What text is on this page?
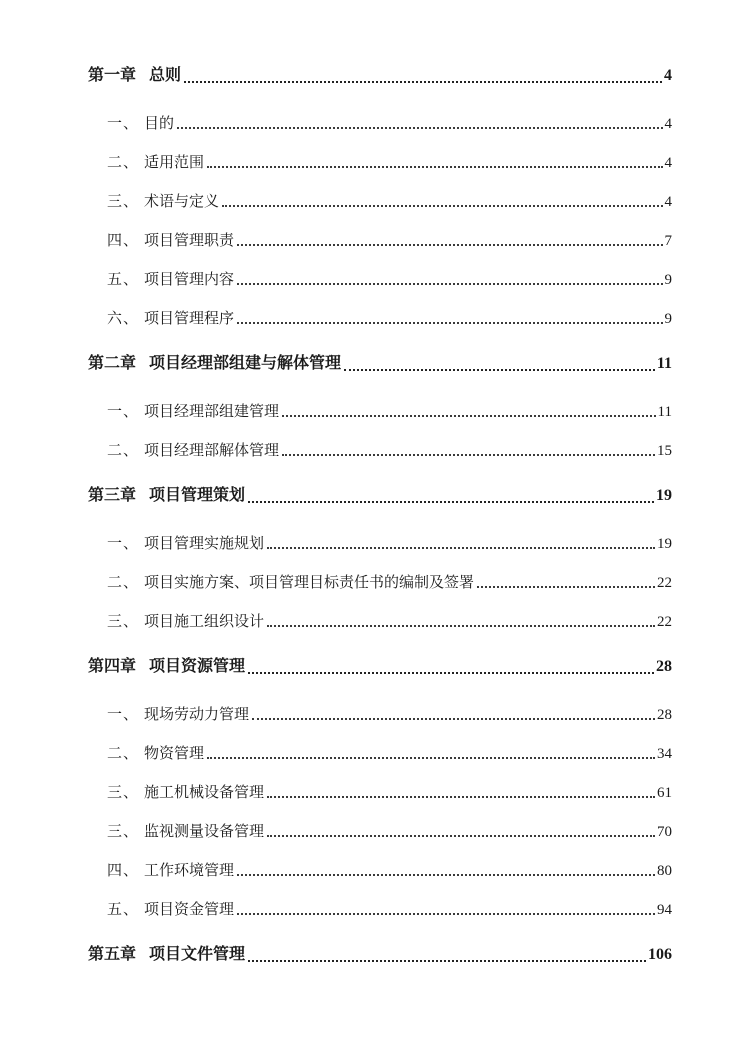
第一章 总则	4
一、 目的	4
二、 适用范围	4
三、 术语与定义	4
四、 项目管理职责	7
五、 项目管理内容	9
六、 项目管理程序	9
第二章 项目经理部组建与解体管理	11
一、 项目经理部组建管理	11
二、 项目经理部解体管理	15
第三章 项目管理策划	19
一、 项目管理实施规划	19
二、 项目实施方案、项目管理目标责任书的编制及签署	22
三、 项目施工组织设计	22
第四章 项目资源管理	28
一、 现场劳动力管理	28
二、 物资管理	34
三、 施工机械设备管理	61
三、 监视测量设备管理	70
四、 工作环境管理	80
五、 项目资金管理	94
第五章 项目文件管理	106
